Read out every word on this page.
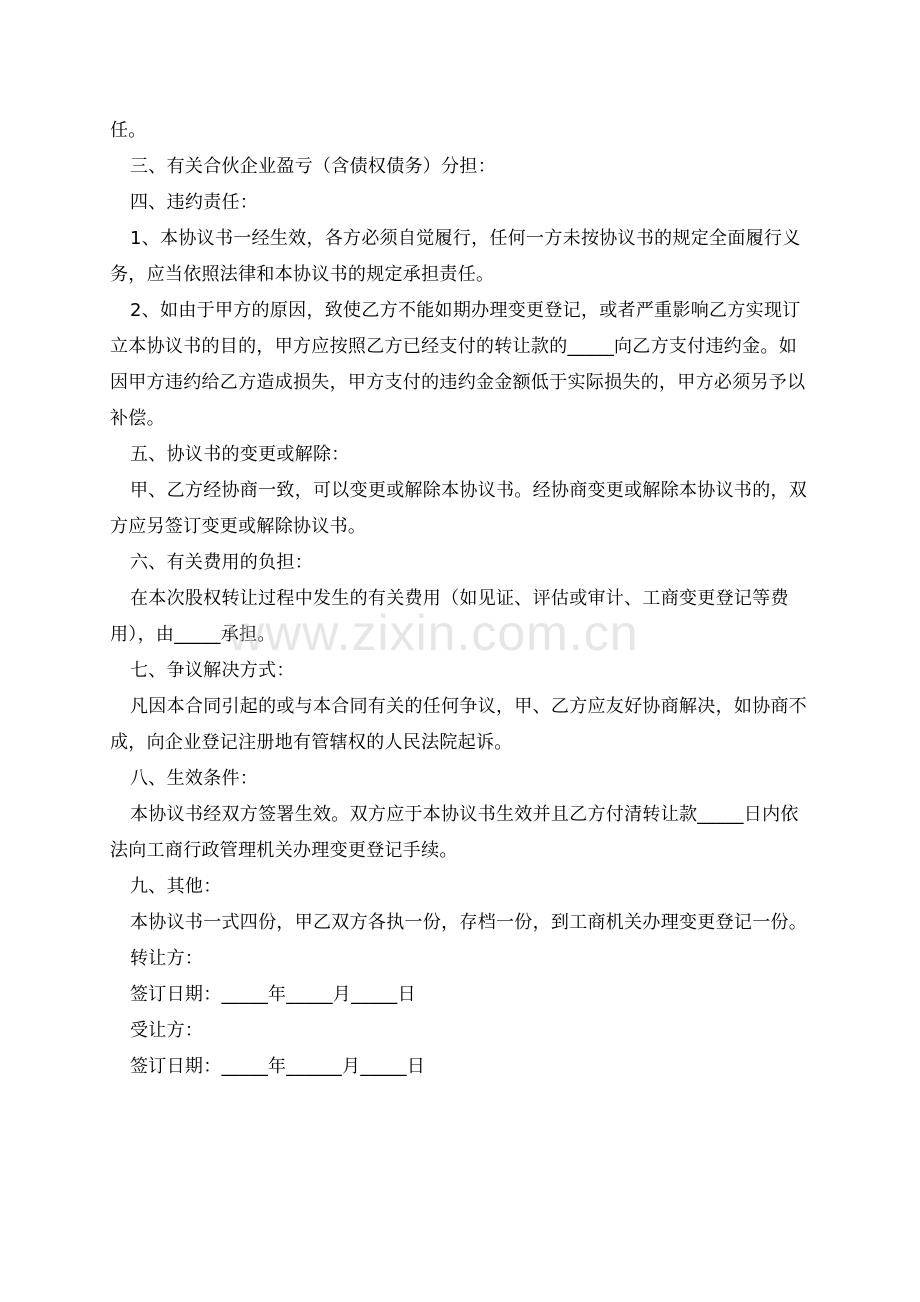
任。

三、有关合伙企业盈亏（含债权债务）分担：

四、违约责任：

1、本协议书一经生效，各方必须自觉履行，任何一方未按协议书的规定全面履行义

务，应当依照法律和本协议书的规定承担责任。

2、如由于甲方的原因，致使乙方不能如期办理变更登记，或者严重影响乙方实现订

立本协议书的目的，甲方应按照乙方已经支付的转让款的_____向乙方支付违约金。如

因甲方违约给乙方造成损失，甲方支付的违约金金额低于实际损失的，甲方必须另予以

补偿。

五、协议书的变更或解除：

甲、乙方经协商一致，可以变更或解除本协议书。经协商变更或解除本协议书的，双

方应另签订变更或解除协议书。

六、有关费用的负担：

在本次股权转让过程中发生的有关费用（如见证、评估或审计、工商变更登记等费

用），由_____承担。

七、争议解决方式：

凡因本合同引起的或与本合同有关的任何争议，甲、乙方应友好协商解决，如协商不

成，向企业登记注册地有管辖权的人民法院起诉。

八、生效条件：

本协议书经双方签署生效。双方应于本协议书生效并且乙方付清转让款_____日内依

法向工商行政管理机关办理变更登记手续。

九、其他：

本协议书一式四份，甲乙双方各执一份，存档一份，到工商机关办理变更登记一份。

转让方：

签订日期：_____年_____月_____日

受让方：

签订日期：_____年______月_____日

www.zixin.com.cn
